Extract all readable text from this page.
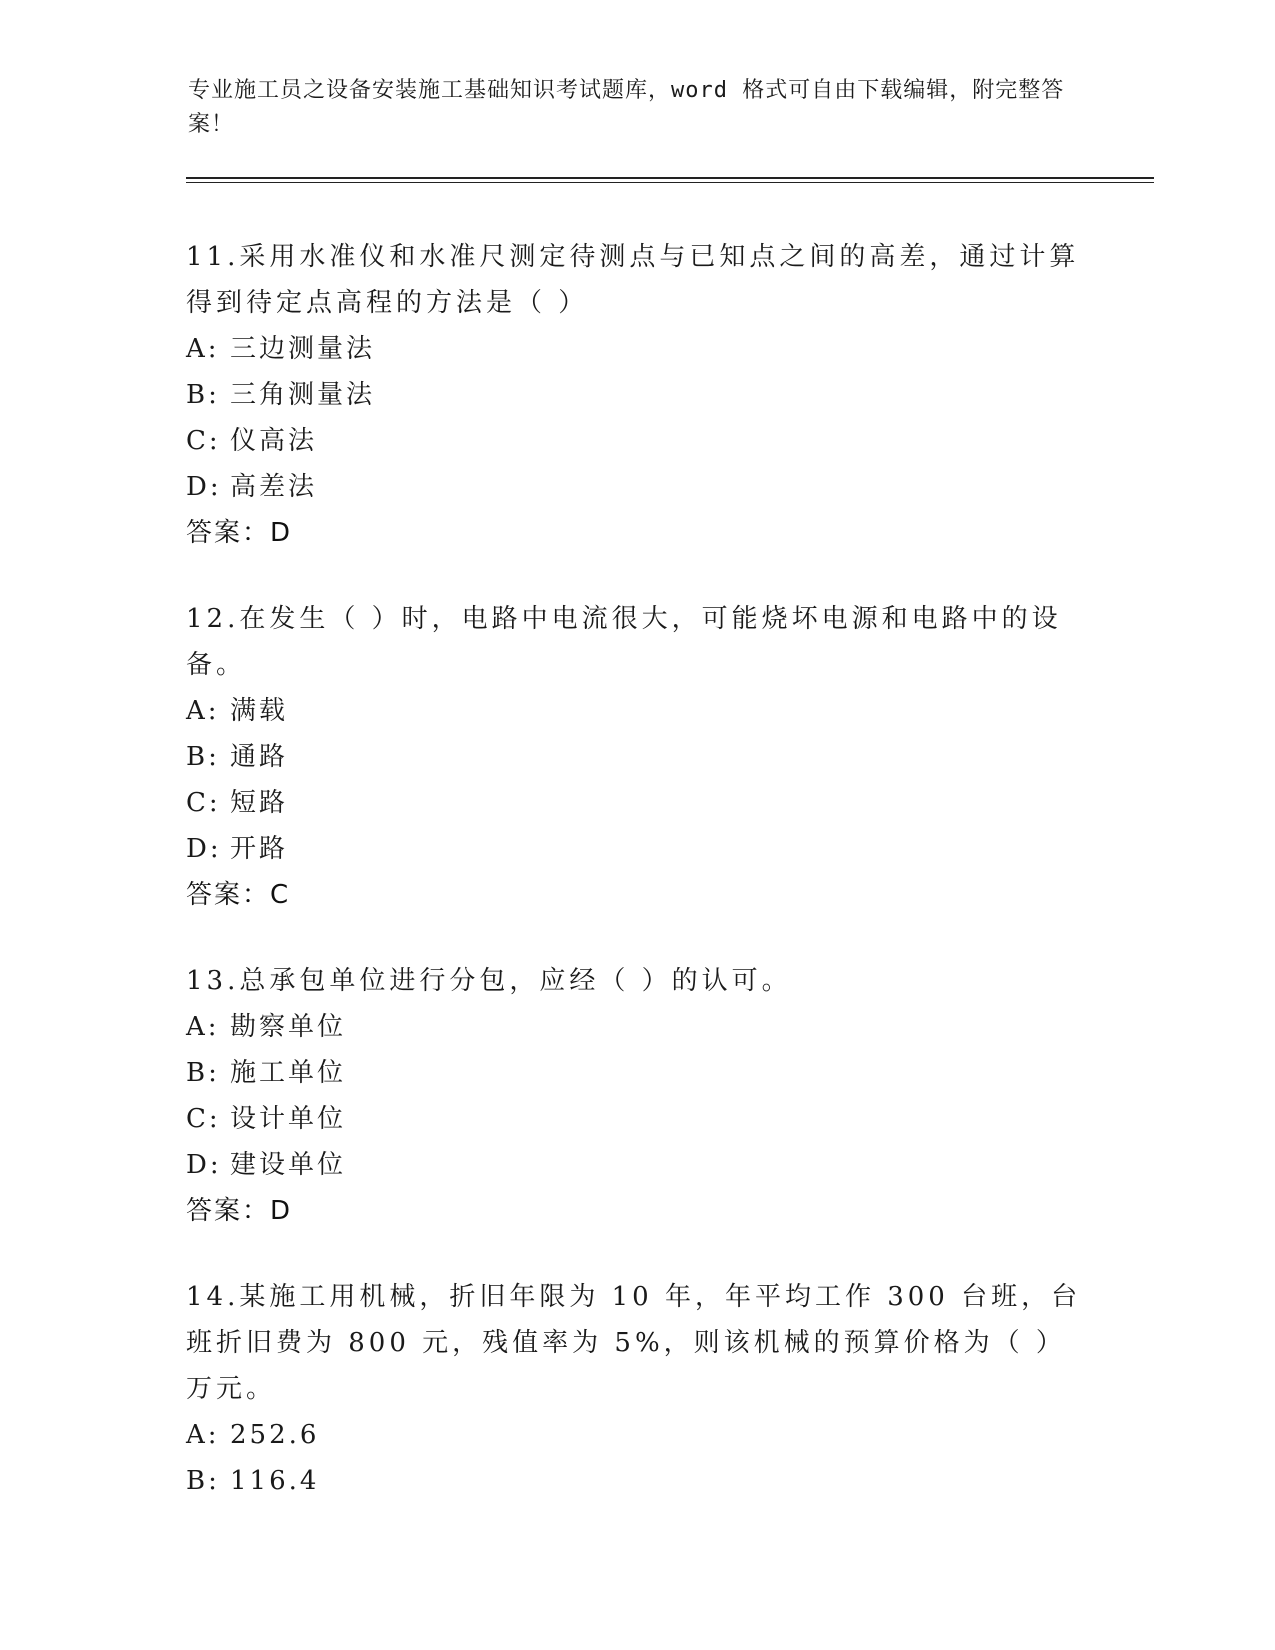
专业施工员之设备安装施工基础知识考试题库，word 格式可自由下载编辑，附完整答案！
11.采用水准仪和水准尺测定待测点与已知点之间的高差，通过计算得到待定点高程的方法是（ ）
A: 三边测量法
B: 三角测量法
C: 仪高法
D: 高差法
答案：D
12.在发生（ ）时，电路中电流很大，可能烧坏电源和电路中的设备。
A: 满载
B: 通路
C: 短路
D: 开路
答案：C
13.总承包单位进行分包，应经（ ）的认可。
A: 勘察单位
B: 施工单位
C: 设计单位
D: 建设单位
答案：D
14.某施工用机械，折旧年限为 10 年，年平均工作 300 台班，台班折旧费为 800 元，残值率为 5%，则该机械的预算价格为（ ）万元。
A: 252.6
B: 116.4
